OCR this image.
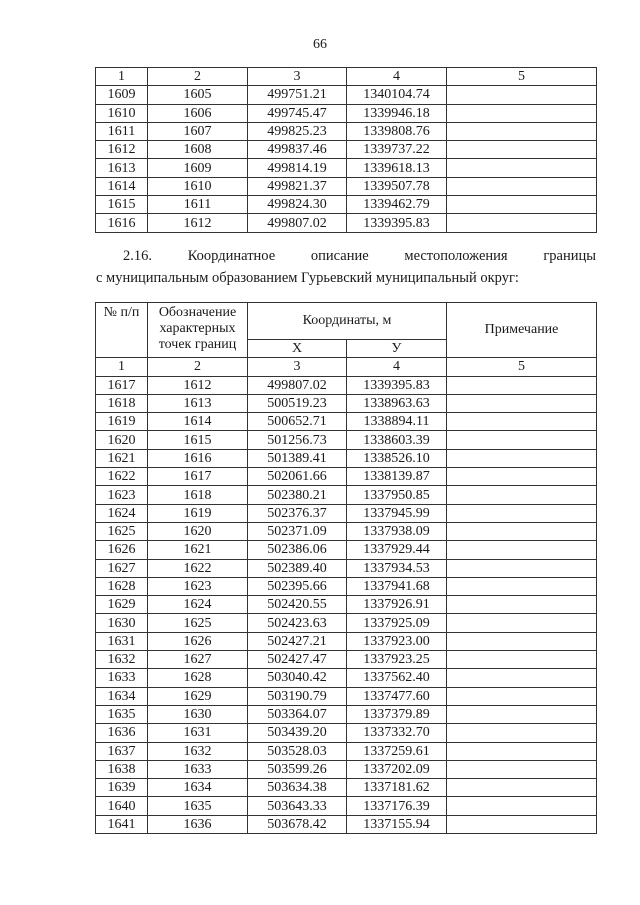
66
1	2	3	4	5
1609	1605	499751.21	1340104.74	
1610	1606	499745.47	1339946.18	
1611	1607	499825.23	1339808.76	
1612	1608	499837.46	1339737.22	
1613	1609	499814.19	1339618.13	
1614	1610	499821.37	1339507.78	
1615	1611	499824.30	1339462.79	
1616	1612	499807.02	1339395.83	
2.16. Координатное описание местоположения границы
с муниципальным образованием Гурьевский муниципальный округ:
№ п/п	Обозначение характерных точек границ	Координаты, м		Примечание
		X	У	
1	2	3	4	5
1617	1612	499807.02	1339395.83	
1618	1613	500519.23	1338963.63	
1619	1614	500652.71	1338894.11	
1620	1615	501256.73	1338603.39	
1621	1616	501389.41	1338526.10	
1622	1617	502061.66	1338139.87	
1623	1618	502380.21	1337950.85	
1624	1619	502376.37	1337945.99	
1625	1620	502371.09	1337938.09	
1626	1621	502386.06	1337929.44	
1627	1622	502389.40	1337934.53	
1628	1623	502395.66	1337941.68	
1629	1624	502420.55	1337926.91	
1630	1625	502423.63	1337925.09	
1631	1626	502427.21	1337923.00	
1632	1627	502427.47	1337923.25	
1633	1628	503040.42	1337562.40	
1634	1629	503190.79	1337477.60	
1635	1630	503364.07	1337379.89	
1636	1631	503439.20	1337332.70	
1637	1632	503528.03	1337259.61	
1638	1633	503599.26	1337202.09	
1639	1634	503634.38	1337181.62	
1640	1635	503643.33	1337176.39	
1641	1636	503678.42	1337155.94	
